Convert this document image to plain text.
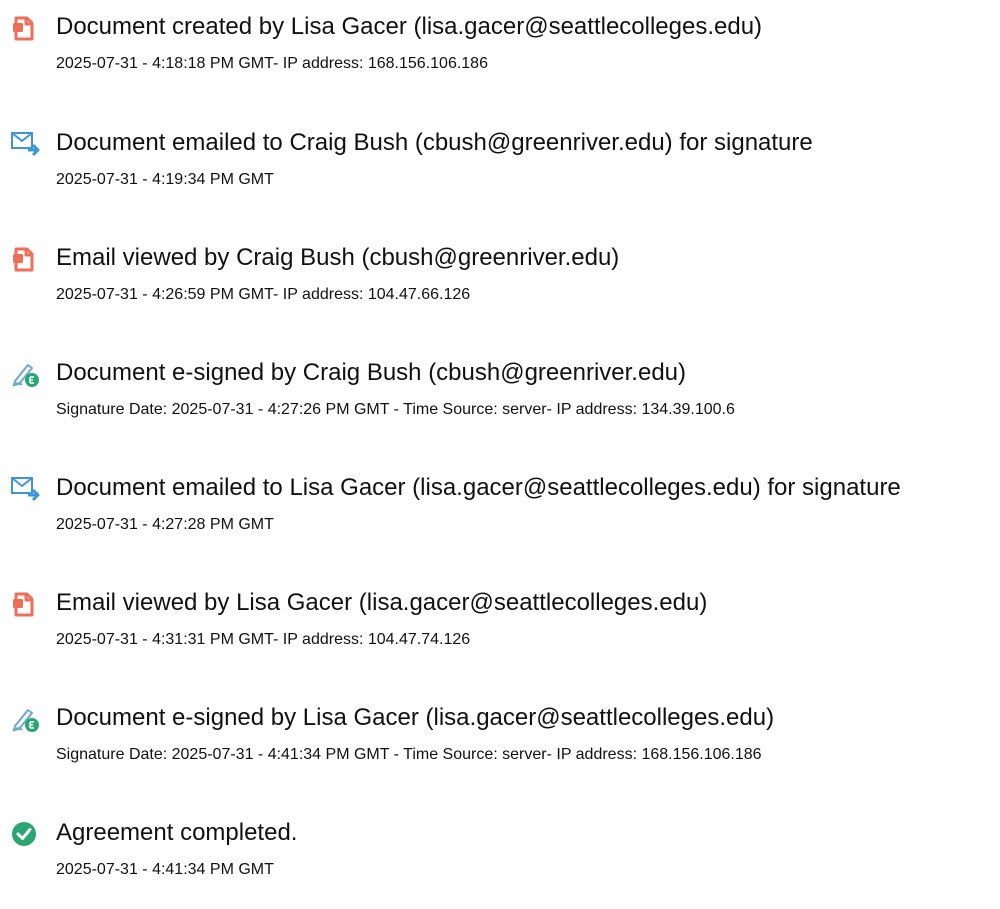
Document created by Lisa Gacer (lisa.gacer@seattlecolleges.edu)
2025-07-31 - 4:18:18 PM GMT- IP address: 168.156.106.186
Document emailed to Craig Bush (cbush@greenriver.edu) for signature
2025-07-31 - 4:19:34 PM GMT
Email viewed by Craig Bush (cbush@greenriver.edu)
2025-07-31 - 4:26:59 PM GMT- IP address: 104.47.66.126
Document e-signed by Craig Bush (cbush@greenriver.edu)
Signature Date: 2025-07-31 - 4:27:26 PM GMT - Time Source: server- IP address: 134.39.100.6
Document emailed to Lisa Gacer (lisa.gacer@seattlecolleges.edu) for signature
2025-07-31 - 4:27:28 PM GMT
Email viewed by Lisa Gacer (lisa.gacer@seattlecolleges.edu)
2025-07-31 - 4:31:31 PM GMT- IP address: 104.47.74.126
Document e-signed by Lisa Gacer (lisa.gacer@seattlecolleges.edu)
Signature Date: 2025-07-31 - 4:41:34 PM GMT - Time Source: server- IP address: 168.156.106.186
Agreement completed.
2025-07-31 - 4:41:34 PM GMT
